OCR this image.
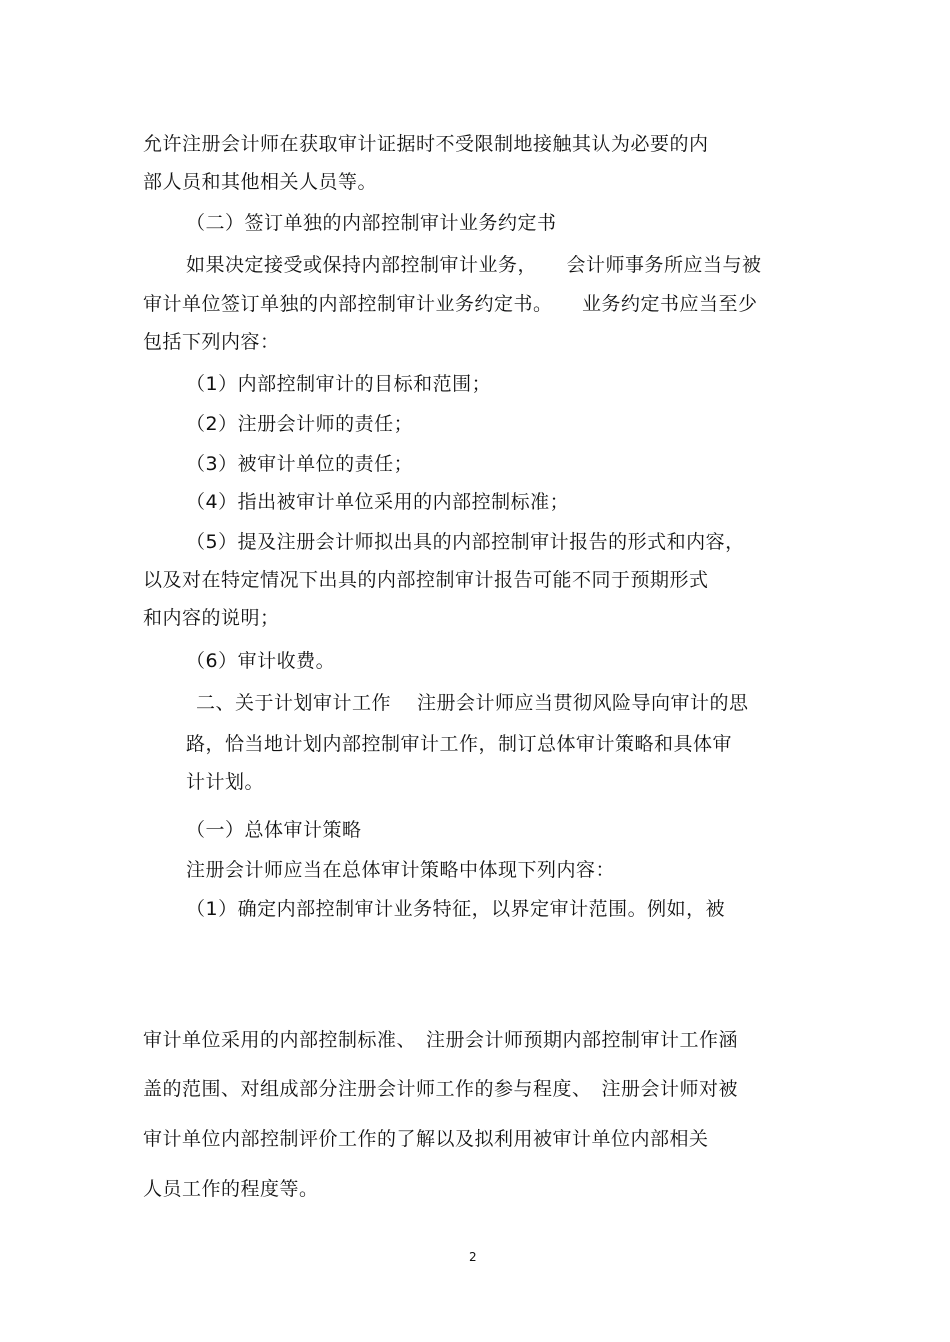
允许注册会计师在获取审计证据时不受限制地接触其认为必要的内
部人员和其他相关人员等。
（二）签订单独的内部控制审计业务约定书
如果决定接受或保持内部控制审计业务，　　会计师事务所应当与被
审计单位签订单独的内部控制审计业务约定书。　　业务约定书应当至少
包括下列内容：
（1）内部控制审计的目标和范围；
（2）注册会计师的责任；
（3）被审计单位的责任；
（4）指出被审计单位采用的内部控制标准；
（5）提及注册会计师拟出具的内部控制审计报告的形式和内容，
以及对在特定情况下出具的内部控制审计报告可能不同于预期形式
和内容的说明；
（6）审计收费。
二、关于计划审计工作　 注册会计师应当贯彻风险导向审计的思
路，恰当地计划内部控制审计工作，制订总体审计策略和具体审
计计划。
（一）总体审计策略
注册会计师应当在总体审计策略中体现下列内容：
（1）确定内部控制审计业务特征，以界定审计范围。例如，被
审计单位采用的内部控制标准、　注册会计师预期内部控制审计工作涵
盖的范围、对组成部分注册会计师工作的参与程度、　注册会计师对被
审计单位内部控制评价工作的了解以及拟利用被审计单位内部相关
人员工作的程度等。
2
